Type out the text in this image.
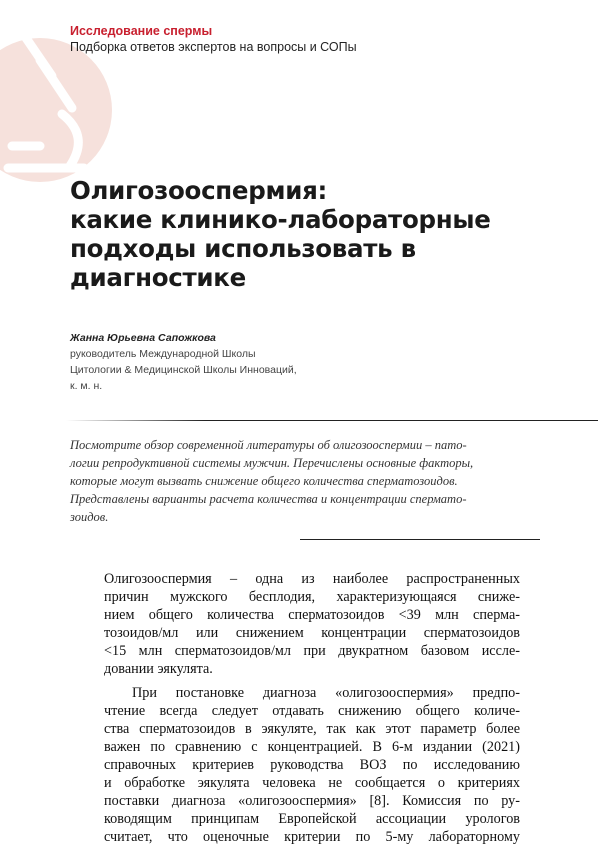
Исследование спермы
Подборка ответов экспертов на вопросы и СОПы
Олигозооспермия:
какие клинико-лабораторные
подходы использовать в
диагностике
Жанна Юрьевна Сапожкова
руководитель Международной Школы
Цитологии & Медицинской Школы Инноваций,
к. м. н.
Посмотрите обзор современной литературы об олигозооспермии – пато-
логии репродуктивной системы мужчин. Перечислены основные факторы,
которые могут вызвать снижение общего количества сперматозоидов.
Представлены варианты расчета количества и концентрации спермато-
зоидов.

Олигозооспермия – одна из наиболее распространенных
причин мужского бесплодия, характеризующаяся сниже-
нием общего количества сперматозоидов <39 млн сперма-
тозоидов/мл или снижением концентрации сперматозоидов
<15 млн сперматозоидов/мл при двукратном базовом иссле-
довании эякулята.

При постановке диагноза «олигозооспермия» предпо-
чтение всегда следует отдавать снижению общего количе-
ства сперматозоидов в эякуляте, так как этот параметр более
важен по сравнению с концентрацией. В 6-м издании (2021)
справочных критериев руководства ВОЗ по исследованию
и обработке эякулята человека не сообщается о критериях
поставки диагноза «олигозооспермия» [8]. Комиссия по ру-
ководящим принципам Европейской ассоциации урологов
считает, что оценочные критерии по 5-му лабораторному
